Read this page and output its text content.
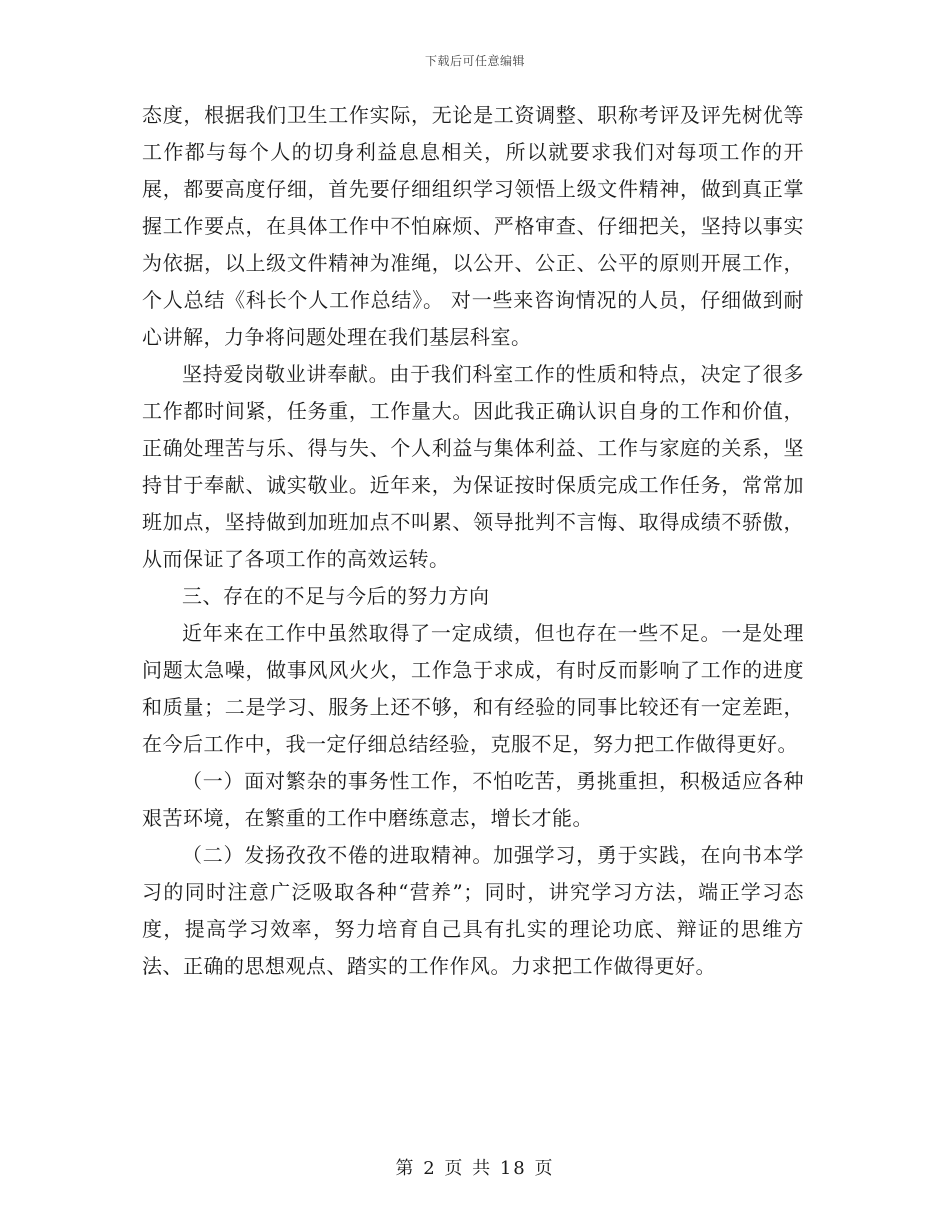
下载后可任意编辑

态度，根据我们卫生工作实际，无论是工资调整、职称考评及评先树优等工作都与每个人的切身利益息息相关，所以就要求我们对每项工作的开展，都要高度仔细，首先要仔细组织学习领悟上级文件精神，做到真正掌握工作要点，在具体工作中不怕麻烦、严格审查、仔细把关，坚持以事实为依据，以上级文件精神为准绳，以公开、公正、公平的原则开展工作，个人总结《科长个人工作总结》。 对一些来咨询情况的人员，仔细做到耐心讲解，力争将问题处理在我们基层科室。

坚持爱岗敬业讲奉献。由于我们科室工作的性质和特点，决定了很多工作都时间紧，任务重，工作量大。因此我正确认识自身的工作和价值，正确处理苦与乐、得与失、个人利益与集体利益、工作与家庭的关系，坚持甘于奉献、诚实敬业。近年来，为保证按时保质完成工作任务，常常加班加点，坚持做到加班加点不叫累、领导批判不言悔、取得成绩不骄傲，从而保证了各项工作的高效运转。

三、存在的不足与今后的努力方向

近年来在工作中虽然取得了一定成绩，但也存在一些不足。一是处理问题太急噪，做事风风火火，工作急于求成，有时反而影响了工作的进度和质量；二是学习、服务上还不够，和有经验的同事比较还有一定差距，在今后工作中，我一定仔细总结经验，克服不足，努力把工作做得更好。

（一）面对繁杂的事务性工作，不怕吃苦，勇挑重担，积极适应各种艰苦环境，在繁重的工作中磨练意志，增长才能。

（二）发扬孜孜不倦的进取精神。加强学习，勇于实践，在向书本学习的同时注意广泛吸取各种“营养”；同时，讲究学习方法，端正学习态度，提高学习效率，努力培育自己具有扎实的理论功底、辩证的思维方法、正确的思想观点、踏实的工作作风。力求把工作做得更好。

第 2 页 共 18 页
